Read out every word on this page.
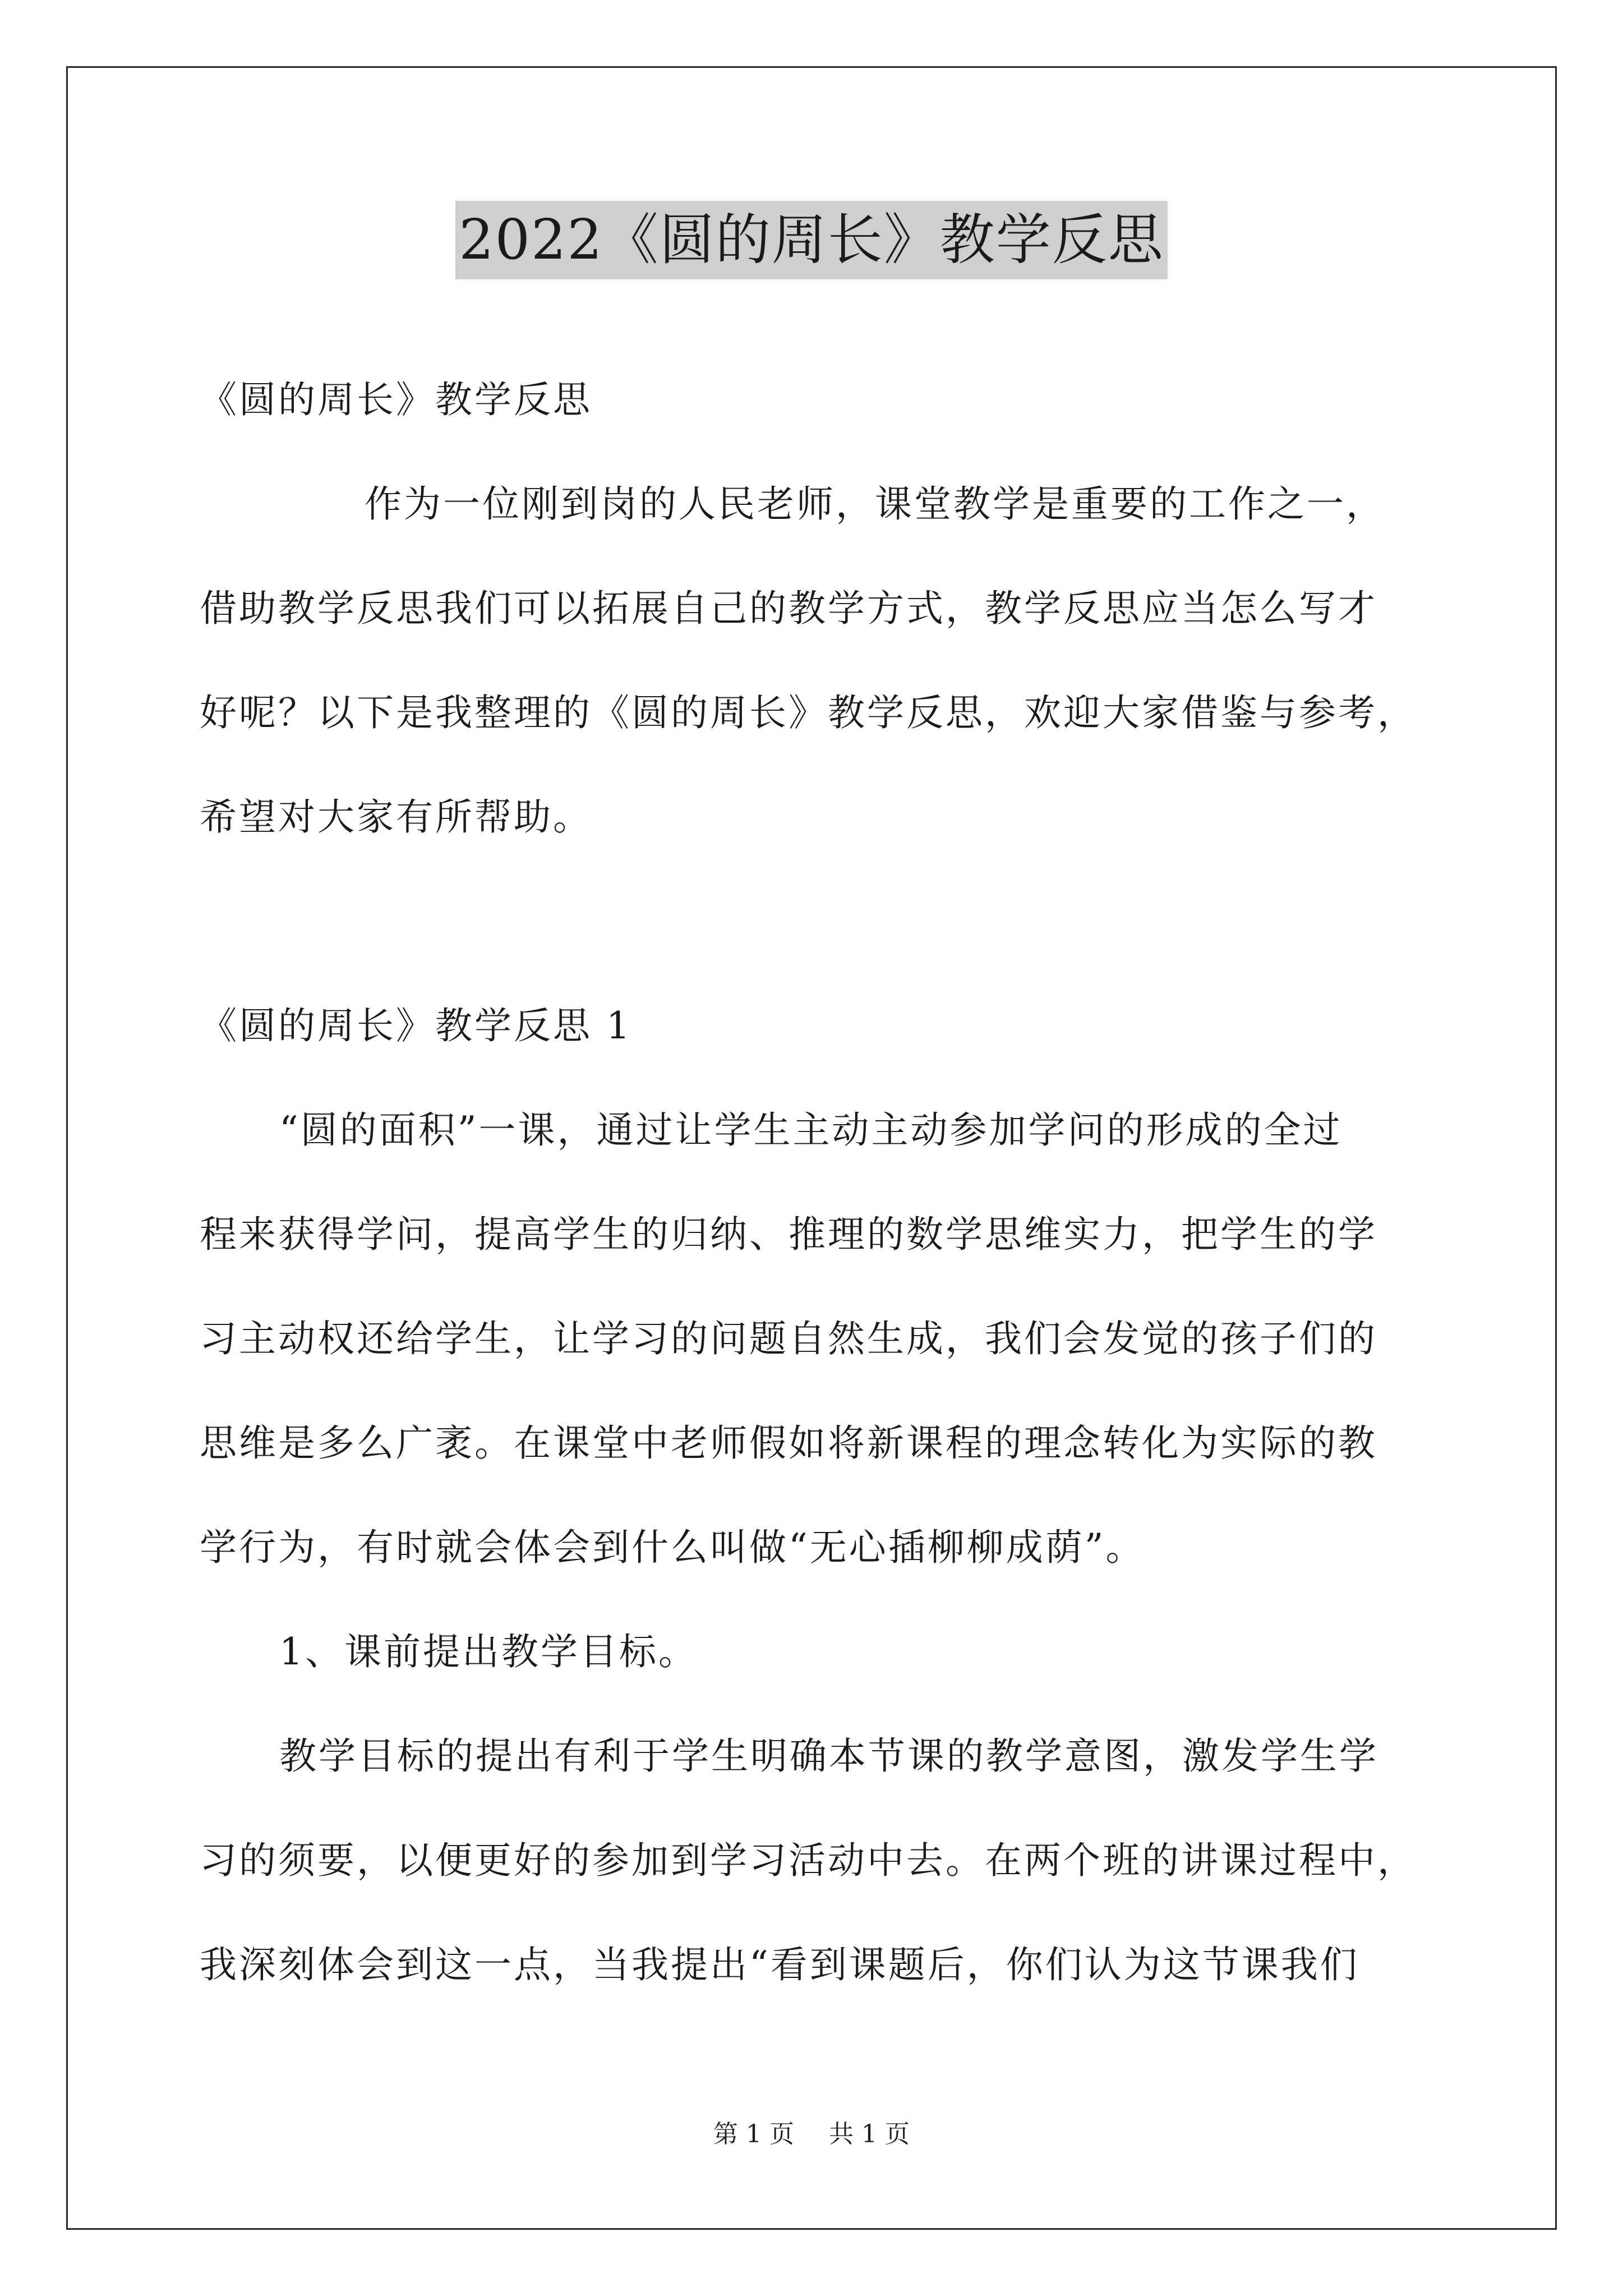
2022《圆的周长》教学反思
《圆的周长》教学反思
作为一位刚到岗的人民老师，课堂教学是重要的工作之一，
借助教学反思我们可以拓展自己的教学方式，教学反思应当怎么写才
好呢？以下是我整理的《圆的周长》教学反思，欢迎大家借鉴与参考，
希望对大家有所帮助。
《圆的周长》教学反思 1
“圆的面积”一课，通过让学生主动主动参加学问的形成的全过
程来获得学问，提高学生的归纳、推理的数学思维实力，把学生的学
习主动权还给学生，让学习的问题自然生成，我们会发觉的孩子们的
思维是多么广袤。在课堂中老师假如将新课程的理念转化为实际的教
学行为，有时就会体会到什么叫做“无心插柳柳成荫”。
1、课前提出教学目标。
教学目标的提出有利于学生明确本节课的教学意图，激发学生学
习的须要，以便更好的参加到学习活动中去。在两个班的讲课过程中，
我深刻体会到这一点，当我提出“看到课题后，你们认为这节课我们
第 1 页 共 1 页
